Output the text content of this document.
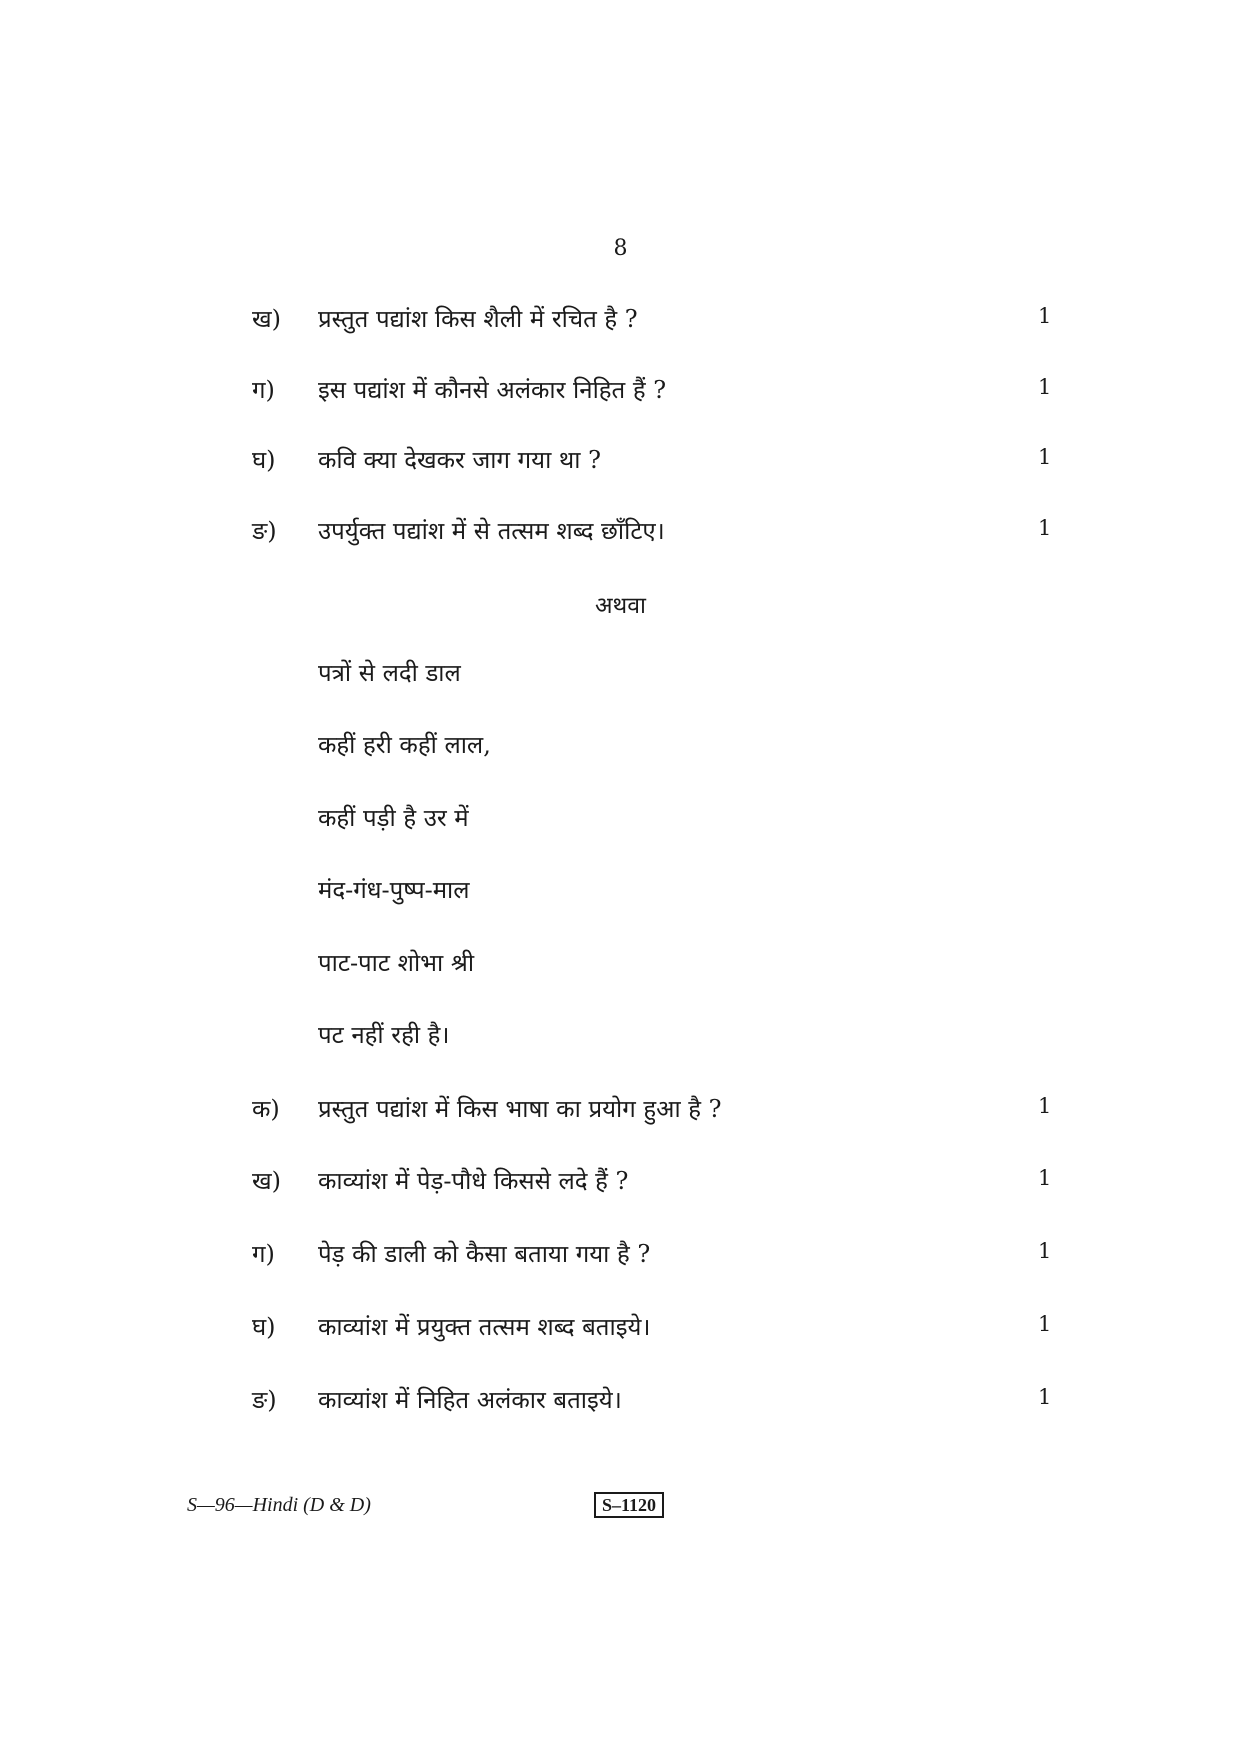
8
ख) प्रस्तुत पद्यांश किस शैली में रचित है ?	1
ग) इस पद्यांश में कौनसे अलंकार निहित हैं ?	1
घ) कवि क्या देखकर जाग गया था ?	1
ङ) उपर्युक्त पद्यांश में से तत्सम शब्द छाँटिए।	1
अथवा
पत्रों से लदी डाल
कहीं हरी कहीं लाल,
कहीं पड़ी है उर में
मंद-गंध-पुष्प-माल
पाट-पाट शोभा श्री
पट नहीं रही है।
क) प्रस्तुत पद्यांश में किस भाषा का प्रयोग हुआ है ?	1
ख) काव्यांश में पेड़-पौधे किससे लदे हैं ?	1
ग) पेड़ की डाली को कैसा बताया गया है ?	1
घ) काव्यांश में प्रयुक्त तत्सम शब्द बताइये।	1
ङ) काव्यांश में निहित अलंकार बताइये।	1
S—96—Hindi (D & D)	S–1120
